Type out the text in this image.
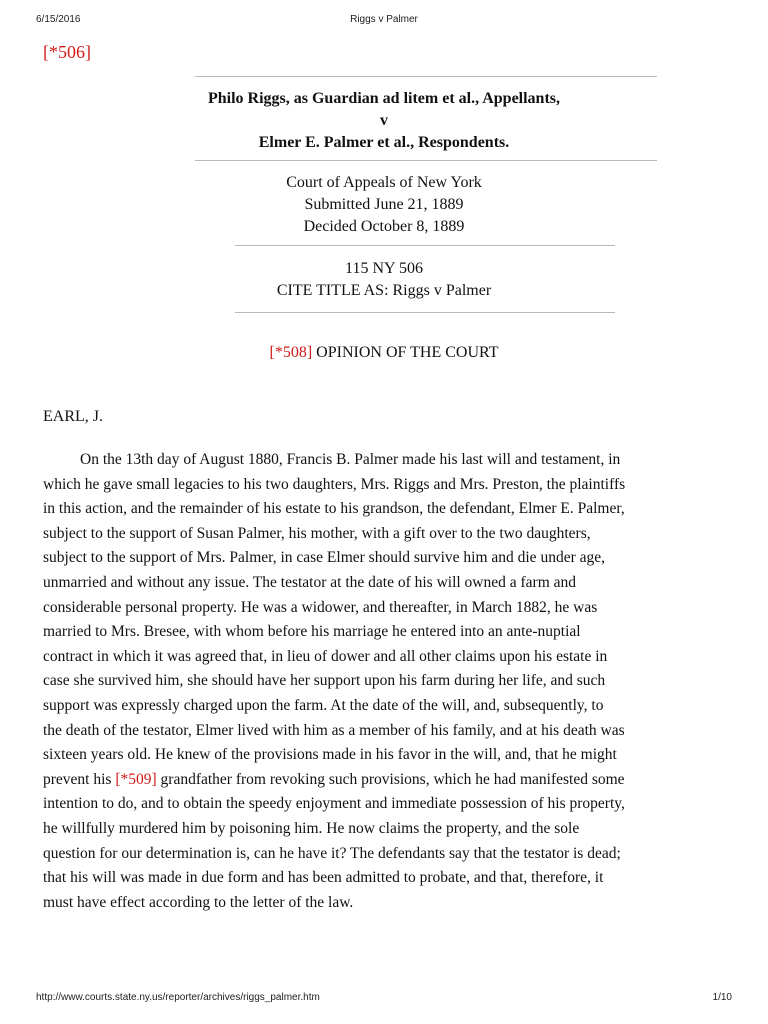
6/15/2016	Riggs v Palmer
[*506]
Philo Riggs, as Guardian ad litem et al., Appellants,
v
Elmer E. Palmer et al., Respondents.
Court of Appeals of New York
Submitted June 21, 1889
Decided October 8, 1889
115 NY 506
CITE TITLE AS: Riggs v Palmer
[*508] OPINION OF THE COURT
EARL, J.
On the 13th day of August 1880, Francis B. Palmer made his last will and testament, in
which he gave small legacies to his two daughters, Mrs. Riggs and Mrs. Preston, the plaintiffs
in this action, and the remainder of his estate to his grandson, the defendant, Elmer E. Palmer,
subject to the support of Susan Palmer, his mother, with a gift over to the two daughters,
subject to the support of Mrs. Palmer, in case Elmer should survive him and die under age,
unmarried and without any issue. The testator at the date of his will owned a farm and
considerable personal property. He was a widower, and thereafter, in March 1882, he was
married to Mrs. Bresee, with whom before his marriage he entered into an ante-nuptial
contract in which it was agreed that, in lieu of dower and all other claims upon his estate in
case she survived him, she should have her support upon his farm during her life, and such
support was expressly charged upon the farm. At the date of the will, and, subsequently, to
the death of the testator, Elmer lived with him as a member of his family, and at his death was
sixteen years old. He knew of the provisions made in his favor in the will, and, that he might
prevent his [*509] grandfather from revoking such provisions, which he had manifested some
intention to do, and to obtain the speedy enjoyment and immediate possession of his property,
he willfully murdered him by poisoning him. He now claims the property, and the sole
question for our determination is, can he have it? The defendants say that the testator is dead;
that his will was made in due form and has been admitted to probate, and that, therefore, it
must have effect according to the letter of the law.
http://www.courts.state.ny.us/reporter/archives/riggs_palmer.htm	1/10
